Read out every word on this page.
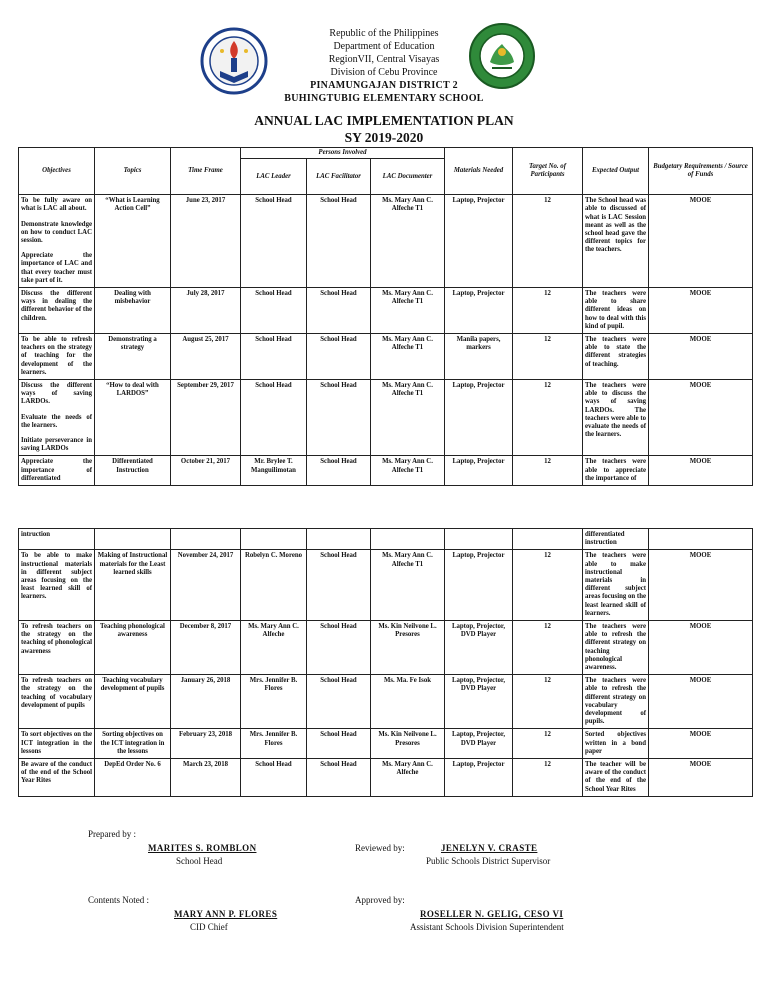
Republic of the Philippines
Department of Education
RegionVII, Central Visayas
Division of Cebu Province
PINAMUNGAJAN DISTRICT 2
BUHINGTUBIG ELEMENTARY SCHOOL
ANNUAL LAC IMPLEMENTATION PLAN
SY 2019-2020
Objectives	Topics	Time Frame	Persons Involved			Materials Needed	Target No. of Participants	Expected Output	Budgetary Requirements / Source of Funds
			LAC Leader	LAC Facilitator	LAC Documenter				

To be fully aware on what is LAC all about.
Demonstrate knowledge on how to conduct LAC session.
Appreciate the importance of LAC and that every teacher must take part of it.	“What is Learning Action Cell”	June 23, 2017	School Head	School Head	Ms. Mary Ann C. Alfeche T1	Laptop, Projector	12	The School head was able to discussed of what is LAC Session meant as well as the school head gave the different topics for the teachers.	MOOE

Discuss the different ways in dealing the different behavior of the children.	Dealing with misbehavior	July 28, 2017	School Head	School Head	Ms. Mary Ann C. Alfeche T1	Laptop, Projector	12	The teachers were able to share different ideas on how to deal with this kind of pupil.	MOOE

To be able to refresh teachers on the strategy of teaching for the development of the learners.	Demonstrating a strategy	August 25, 2017	School Head	School Head	Ms. Mary Ann C. Alfeche T1	Manila papers, markers	12	The teachers were able to state the different strategies of teaching.	MOOE

Discuss the different ways of saving LARDOs.
Evaluate the needs of the learners.
Initiate perseverance in saving LARDOs	“How to deal with LARDOS”	September 29, 2017	School Head	School Head	Ms. Mary Ann C. Alfeche T1	Laptop, Projector	12	The teachers were able to discuss the ways of saving LARDOs. The teachers were able to evaluate the needs of the learners.	MOOE

Appreciate the importance of differentiated	Differentiated Instruction	October 21, 2017	Mr. Brylee T. Manguilimotan	School Head	Ms. Mary Ann C. Alfeche T1	Laptop, Projector	12	The teachers were able to appreciate the importance of	MOOE
intruction								differentiated instruction	

To be able to make instructional materials in different subject areas focusing on the least learned skill of learners.	Making of Instructional materials for the Least learned skills	November 24, 2017	Robelyn C. Moreno	School Head	Ms. Mary Ann C. Alfeche T1	Laptop, Projector	12	The teachers were able to make instructional materials in different subject areas focusing on the least learned skill of learners.	MOOE

To refresh teachers on the strategy on the teaching of phonological awareness	Teaching phonological awareness	December 8, 2017	Ms. Mary Ann C. Alfeche	School Head	Ms. Kin Neilvone L. Presores	Laptop, Projector, DVD Player	12	The teachers were able to refresh the different strategy on teaching phonological awareness.	MOOE

To refresh teachers on the strategy on the teaching of vocabulary development of pupils	Teaching vocabulary development of pupils	January 26, 2018	Mrs. Jennifer B. Flores	School Head	Ms. Ma. Fe Isok	Laptop, Projector, DVD Player	12	The teachers were able to refresh the different strategy on vocabulary development of pupils.	MOOE

To sort objectives on the ICT integration in the lessons	Sorting objectives on the ICT integration in the lessons	February 23, 2018	Mrs. Jennifer B. Flores	School Head	Ms. Kin Neilvone L. Presores	Laptop, Projector, DVD Player	12	Sorted objectives written in a bond paper	MOOE

Be aware of the conduct of the end of the School Year Rites	DepEd Order No. 6	March 23, 2018	School Head	School Head	Ms. Mary Ann C. Alfeche	Laptop, Projector	12	The teacher will be aware of the conduct of the end of the School Year Rites	MOOE
Prepared by :
MARITES S. ROMBLON
School Head
Reviewed by:	JENELYN V. CRASTE
Public Schools District Supervisor
Contents Noted :
MARY ANN P. FLORES
CID Chief
Approved by:
ROSELLER N. GELIG, CESO VI
Assistant Schools Division Superintendent
